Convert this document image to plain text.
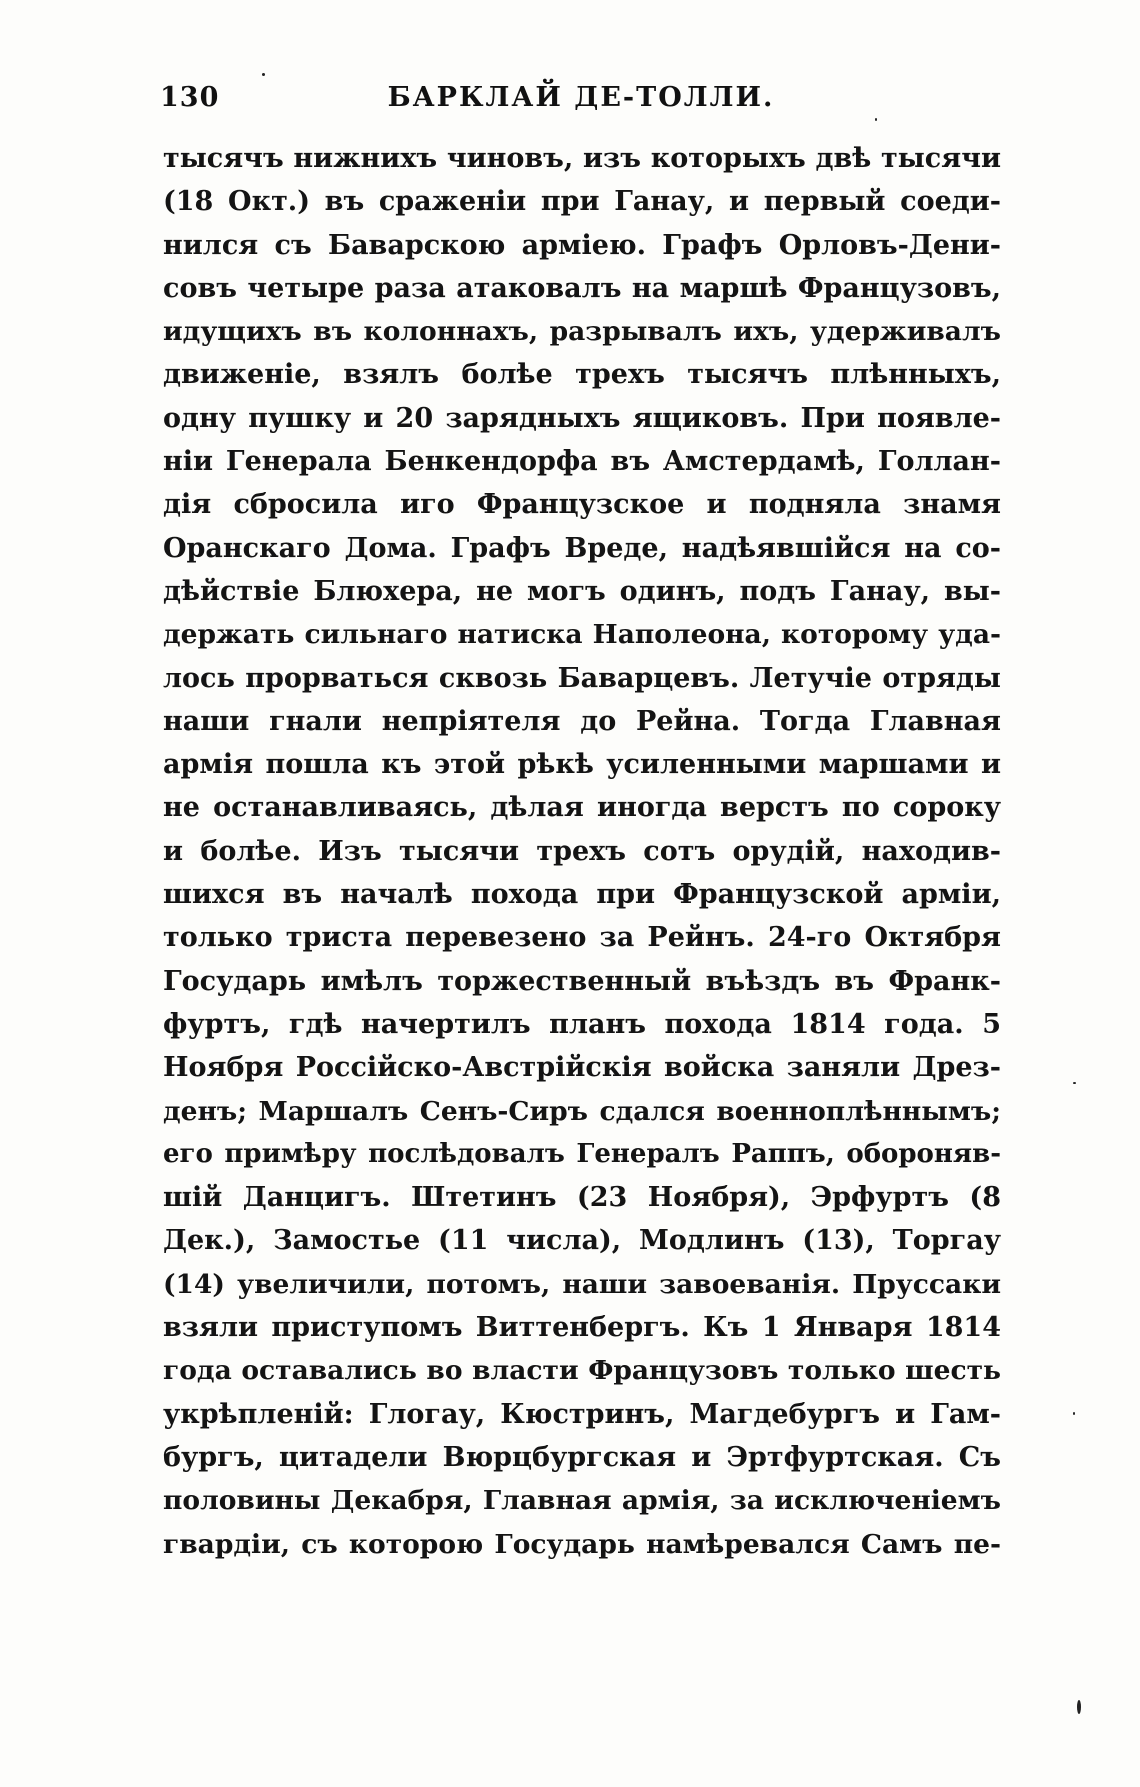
130	БАРКЛАЙ ДЕ-ТОЛЛИ.
тысячъ нижнихъ чиновъ, изъ которыхъ двѣ тысячи
(18 Окт.) въ сраженіи при Ганау, и первый соеди-
нился съ Баварскою арміею. Графъ Орловъ-Дени-
совъ четыре раза атаковалъ на маршѣ Французовъ,
идущихъ въ колоннахъ, разрывалъ ихъ, удерживалъ
движеніе, взялъ болѣе трехъ тысячъ плѣнныхъ,
одну пушку и 20 зарядныхъ ящиковъ. При появле-
ніи Генерала Бенкендорфа въ Амстердамѣ, Голлан-
дія сбросила иго Французское и подняла знамя
Оранскаго Дома. Графъ Вреде, надѣявшійся на со-
дѣйствіе Блюхера, не могъ одинъ, подъ Ганау, вы-
держать сильнаго натиска Наполеона, которому уда-
лось прорваться сквозь Баварцевъ. Летучіе отряды
наши гнали непріятеля до Рейна. Тогда Главная
армія пошла къ этой рѣкѣ усиленными маршами и
не останавливаясь, дѣлая иногда верстъ по сороку
и болѣе. Изъ тысячи трехъ сотъ орудій, находив-
шихся въ началѣ похода при Французской арміи,
только триста перевезено за Рейнъ. 24-го Октября
Государь имѣлъ торжественный въѣздъ въ Франк-
фуртъ, гдѣ начертилъ планъ похода 1814 года. 5
Ноября Россійско-Австрійскія войска заняли Дрез-
денъ; Маршалъ Сенъ-Сиръ сдался военноплѣннымъ;
его примѣру послѣдовалъ Генералъ Раппъ, обороняв-
шій Данцигъ. Штетинъ (23 Ноября), Эрфуртъ (8
Дек.), Замостье (11 числа), Модлинъ (13), Торгау
(14) увеличили, потомъ, наши завоеванія. Пруссаки
взяли приступомъ Виттенбергъ. Къ 1 Января 1814
года оставались во власти Французовъ только шесть
укрѣпленій: Глогау, Кюстринъ, Магдебургъ и Гам-
бургъ, цитадели Вюрцбургская и Эртфуртская. Съ
половины Декабря, Главная армія, за исключеніемъ
гвардіи, съ которою Государь намѣревался Самъ пе-
